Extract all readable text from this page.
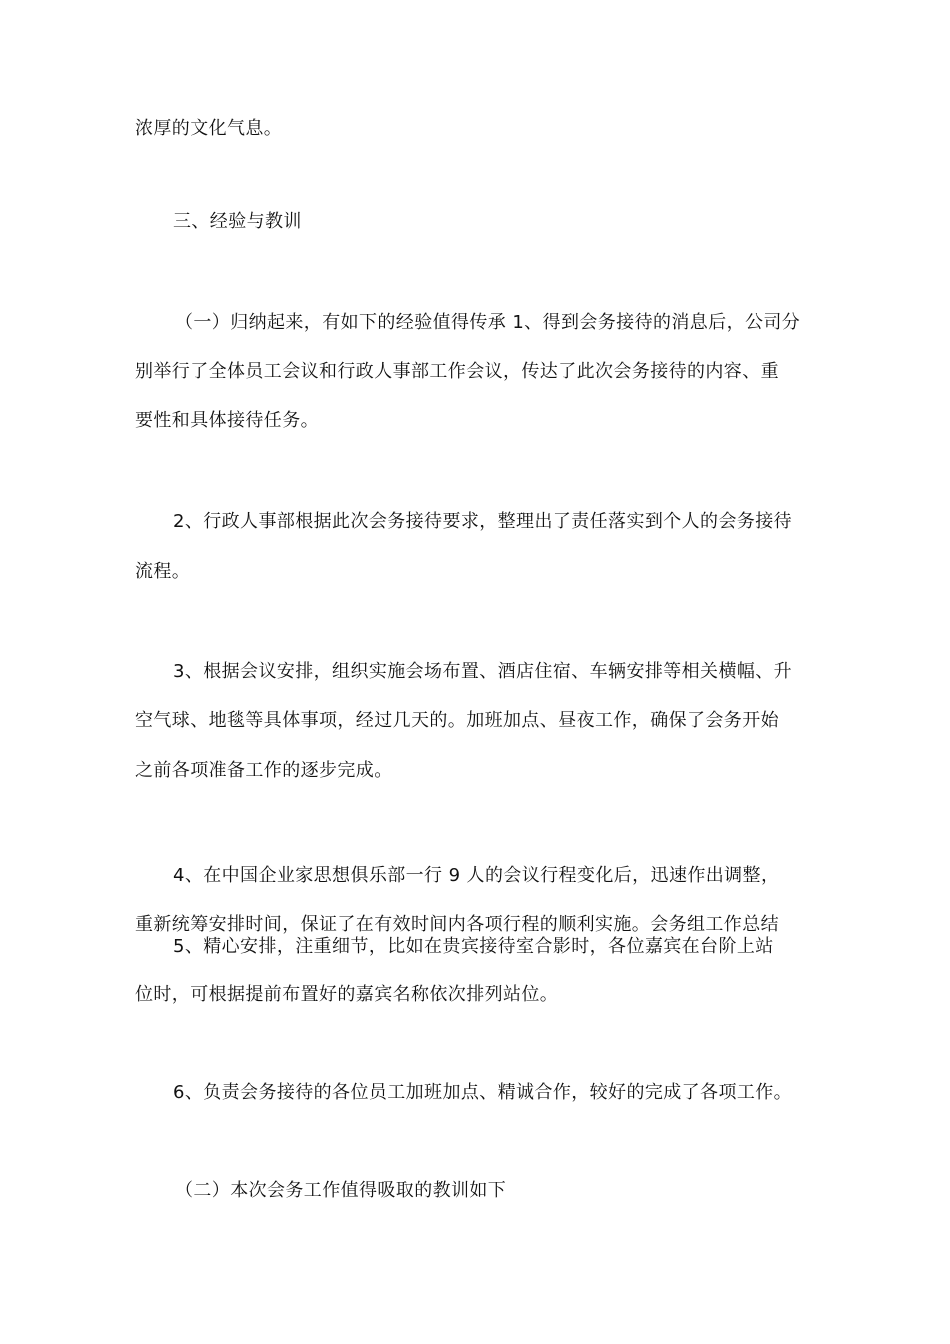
浓厚的文化气息。
三、经验与教训
（一）归纳起来，有如下的经验值得传承 1、得到会务接待的消息后，公司分
别举行了全体员工会议和行政人事部工作会议，传达了此次会务接待的内容、重
要性和具体接待任务。
2、行政人事部根据此次会务接待要求，整理出了责任落实到个人的会务接待
流程。
3、根据会议安排，组织实施会场布置、酒店住宿、车辆安排等相关横幅、升
空气球、地毯等具体事项，经过几天的。加班加点、昼夜工作，确保了会务开始
之前各项准备工作的逐步完成。
4、在中国企业家思想俱乐部一行 9 人的会议行程变化后，迅速作出调整，
重新统筹安排时间，保证了在有效时间内各项行程的顺利实施。会务组工作总结
5、精心安排，注重细节，比如在贵宾接待室合影时，各位嘉宾在台阶上站
位时，可根据提前布置好的嘉宾名称依次排列站位。
6、负责会务接待的各位员工加班加点、精诚合作，较好的完成了各项工作。
（二）本次会务工作值得吸取的教训如下
